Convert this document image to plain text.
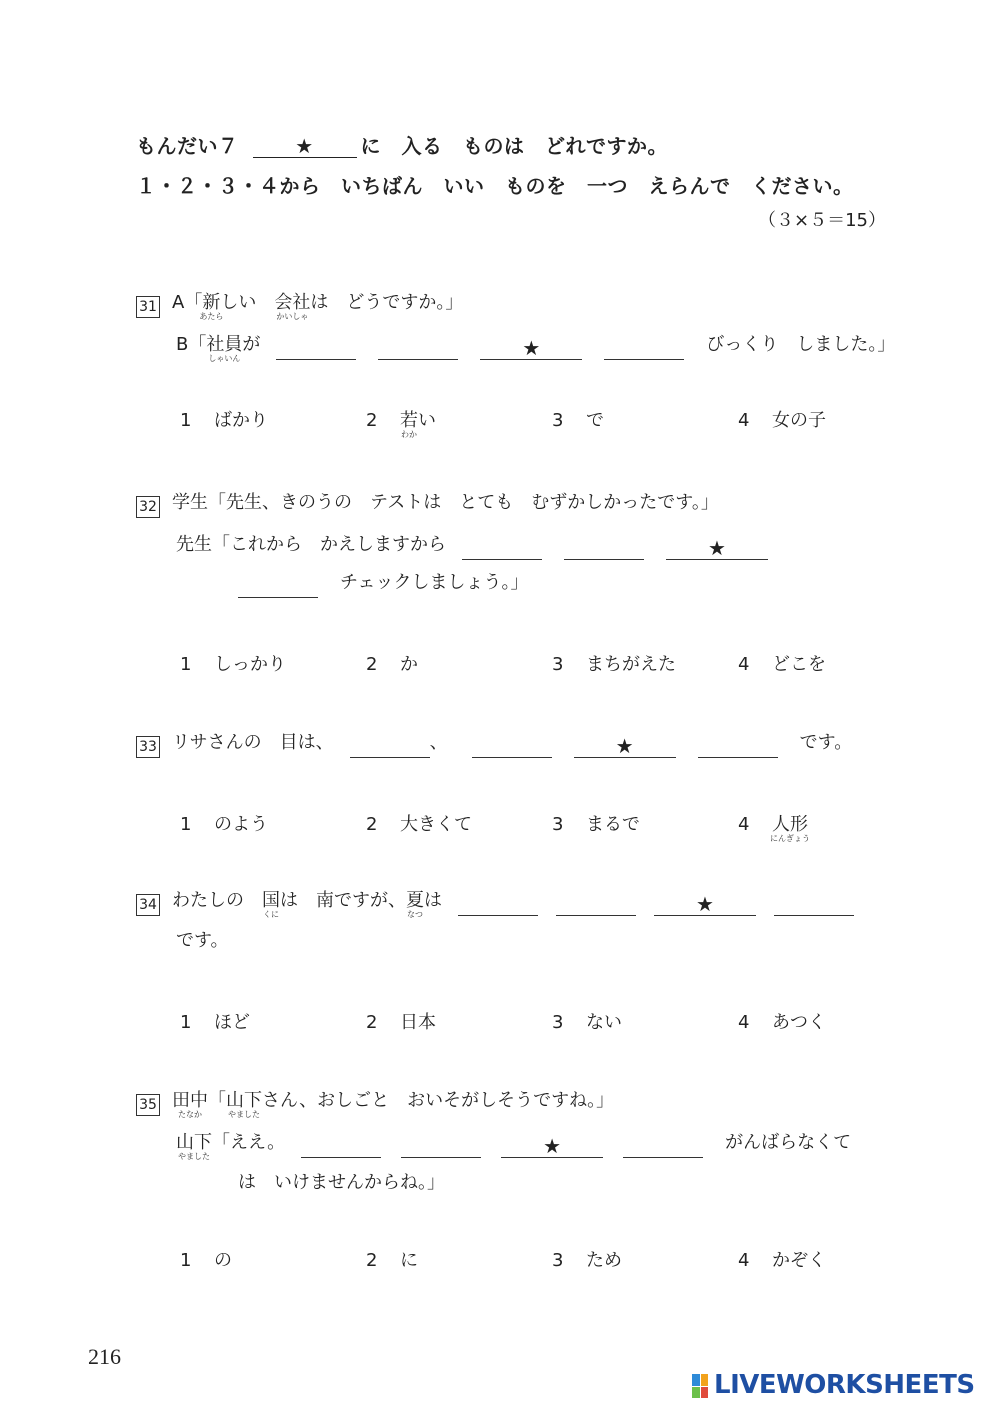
もんだい７	★ に　入る　ものは　どれですか。
１・２・３・４から　いちばん　いい　ものを　一つ　えらんで　ください。
（３×５＝15）
31 A「新
あたら
しい　会社
かいしゃ
は　どうですか。」
B「社員
しゃいん
が	★	びっくり　しました。」
1 ばかり	2 若
わか
い	3 で	4 女の子
32 学生「先生、きのうの　テストは　とても　むずかしかったです。」
先生「これから　かえしますから	★
チェックしましょう。」
1 しっかり	2 か	3 まちがえた	4 どこを
33 リサさんの　目は、	、	★	です。
1 のよう	2 大きくて	3 まるで	4 人形
にんぎょう
34 わたしの　国
くに
は　南ですが、夏
なつ
は	★
です。
1 ほど	2 日本	3 ない	4 あつく
35 田中
たなか
「山下
やました
さん、おしごと　おいそがしそうですね。」
山下
やました
「ええ。	★	がんばらなくて
は　いけませんからね。」
1 の	2 に	3 ため	4 かぞく
216
LIVEWORKSHEETS
